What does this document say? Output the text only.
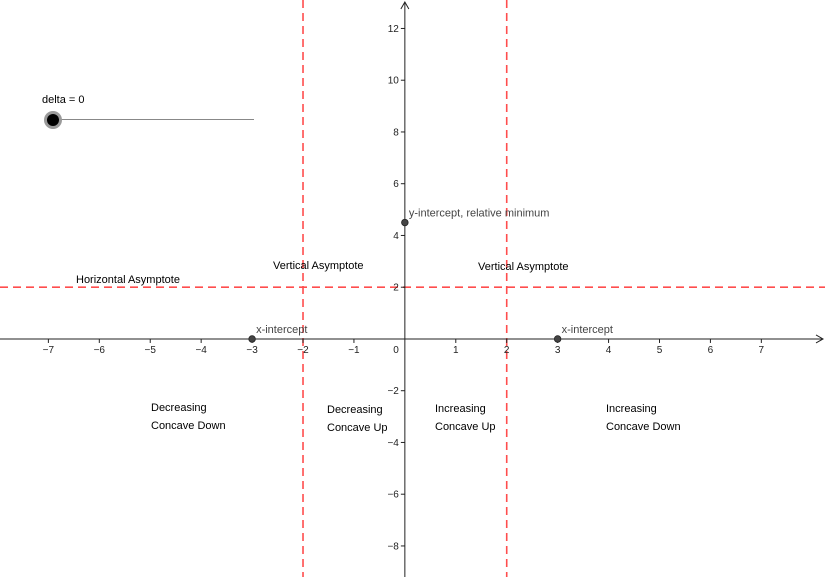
−7	−6	−5	−4	−3	−2	−1	1	2	3	4	5	6	7
−8
−6
−4
−2
2
4
6
8
10
12
0
x-intercept	x-intercept
y-intercept, relative minimum
delta = 0
Horizontal Asymptote
Vertical Asymptote	Vertical Asymptote
Decreasing
Concave Down
Decreasing
Concave Up
Increasing
Concave Up
Increasing
Concave Down
